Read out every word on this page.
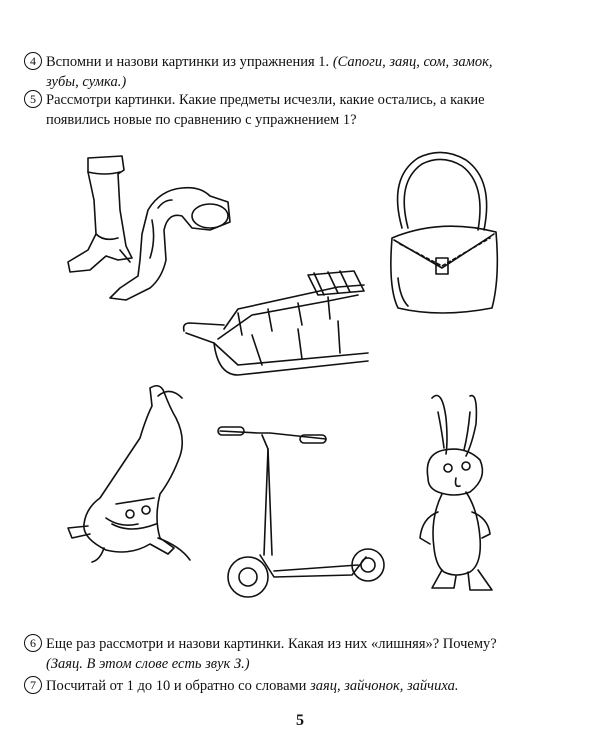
4 Вспомни и назови картинки из упражнения 1. (Сапоги, заяц, сом, замок, зубы, сумка.)
5 Рассмотри картинки. Какие предметы исчезли, какие остались, а какие появились новые по сравнению с упражнением 1?
6 Еще раз рассмотри и назови картинки. Какая из них «лишняя»? Почему? (Заяц. В этом слове есть звук З.)
7 Посчитай от 1 до 10 и обратно со словами заяц, зайчонок, зайчиха.
5
